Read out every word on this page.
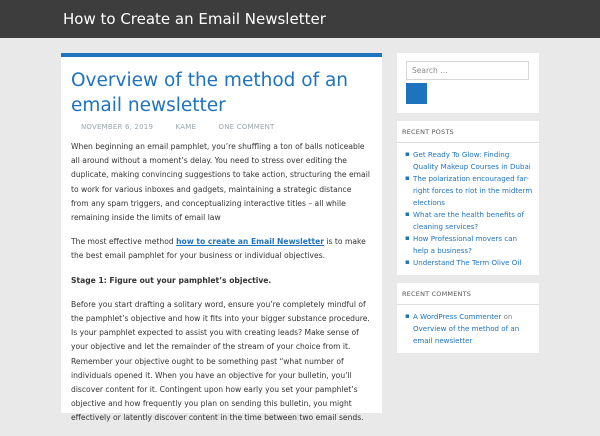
How to Create an Email Newsletter
Overview of the method of an email newsletter
NOVEMBER 6, 2019	KAME	ONE COMMENT

When beginning an email pamphlet, you’re shuffling a ton of balls noticeable all around without a moment’s delay. You need to stress over editing the duplicate, making convincing suggestions to take action, structuring the email to work for various inboxes and gadgets, maintaining a strategic distance from any spam triggers, and conceptualizing interactive titles – all while remaining inside the limits of email law

The most effective method how to create an Email Newsletter is to make the best email pamphlet for your business or individual objectives.

Stage 1: Figure out your pamphlet’s objective.

Before you start drafting a solitary word, ensure you’re completely mindful of the pamphlet’s objective and how it fits into your bigger substance procedure. Is your pamphlet expected to assist you with creating leads? Make sense of your objective and let the remainder of the stream of your choice from it. Remember your objective ought to be something past “what number of individuals opened it. When you have an objective for your bulletin, you’ll discover content for it. Contingent upon how early you set your pamphlet’s objective and how frequently you plan on sending this bulletin, you might effectively or latently discover content in the time between two email sends.

Search …
RECENT POSTS
▪ Get Ready To Glow: Finding Quality Makeup Courses in Dubai
▪ The polarization encouraged far-right forces to riot in the midterm elections
▪ What are the health benefits of cleaning services?
▪ How Professional movers can help a business?
▪ Understand The Term Olive Oil
RECENT COMMENTS
▪ A WordPress Commenter on Overview of the method of an email newsletter
